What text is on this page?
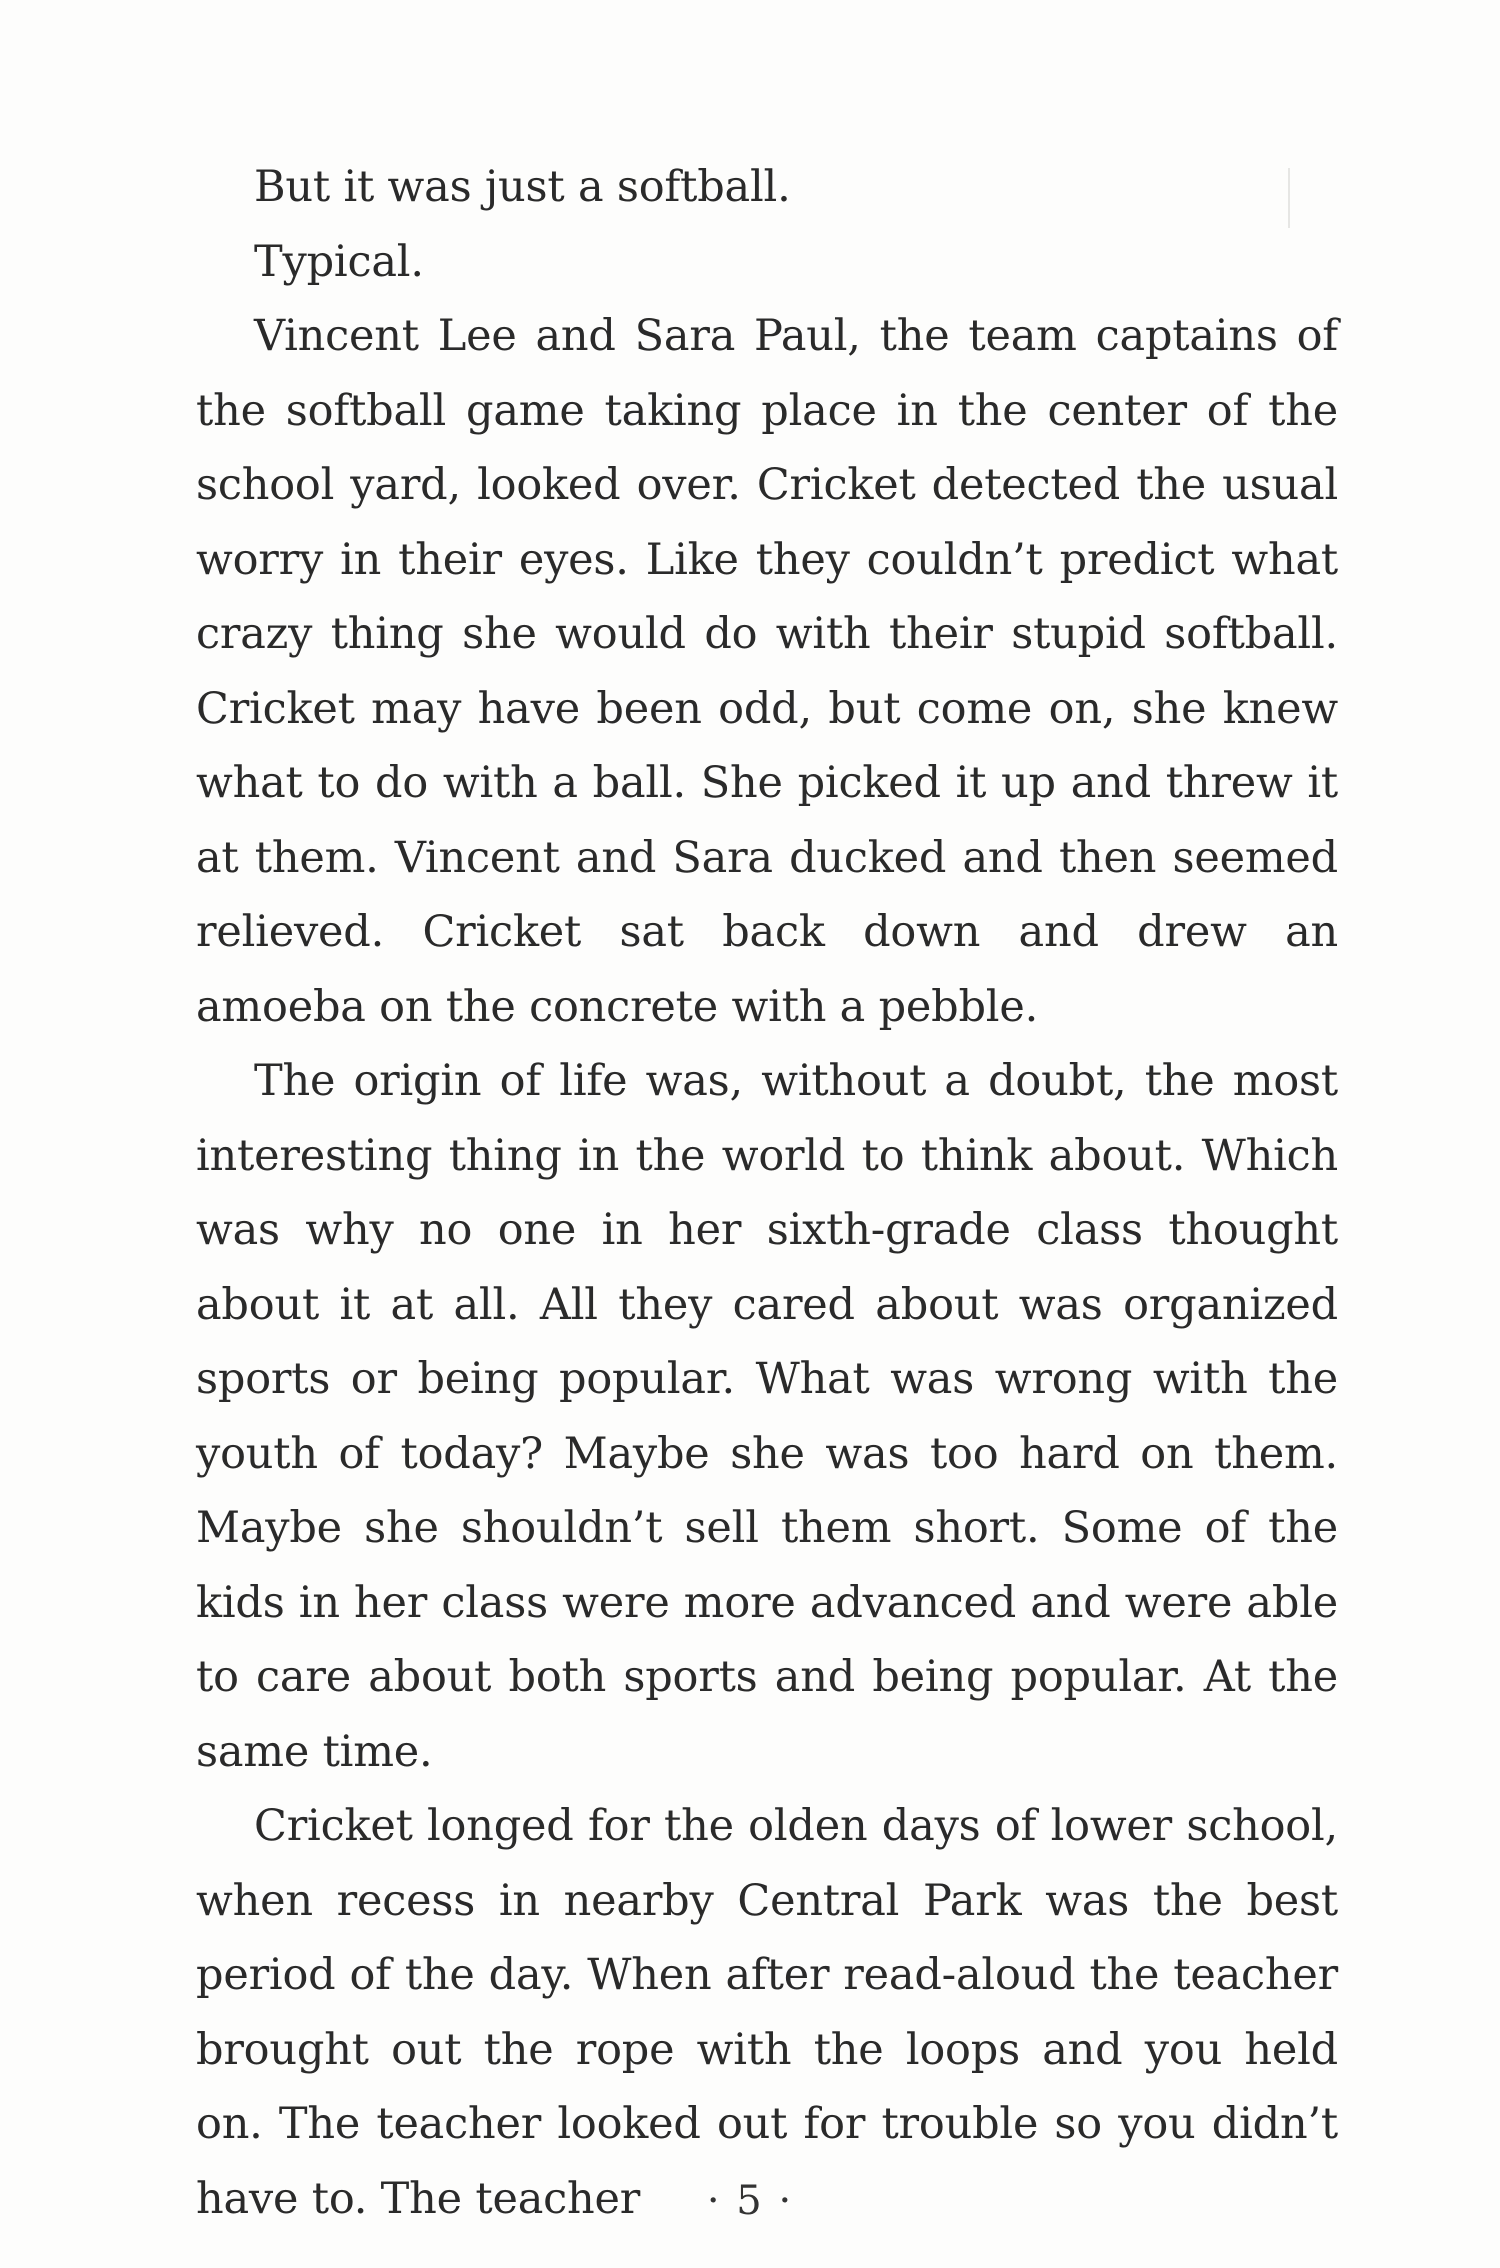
But it was just a softball.

Typical.

Vincent Lee and Sara Paul, the team captains of the softball game taking place in the center of the school yard, looked over. Cricket detected the usual worry in their eyes. Like they couldn’t predict what crazy thing she would do with their stupid softball. Cricket may have been odd, but come on, she knew what to do with a ball. She picked it up and threw it at them. Vincent and Sara ducked and then seemed relieved. Cricket sat back down and drew an amoeba on the concrete with a pebble.

The origin of life was, without a doubt, the most interesting thing in the world to think about. Which was why no one in her sixth-grade class thought about it at all. All they cared about was organized sports or being popular. What was wrong with the youth of today? Maybe she was too hard on them. Maybe she shouldn’t sell them short. Some of the kids in her class were more advanced and were able to care about both sports and being popular. At the same time.

Cricket longed for the olden days of lower school, when recess in nearby Central Park was the best period of the day. When after read-aloud the teacher brought out the rope with the loops and you held on. The teacher looked out for trouble so you didn’t have to. The teacher	· 5 ·
